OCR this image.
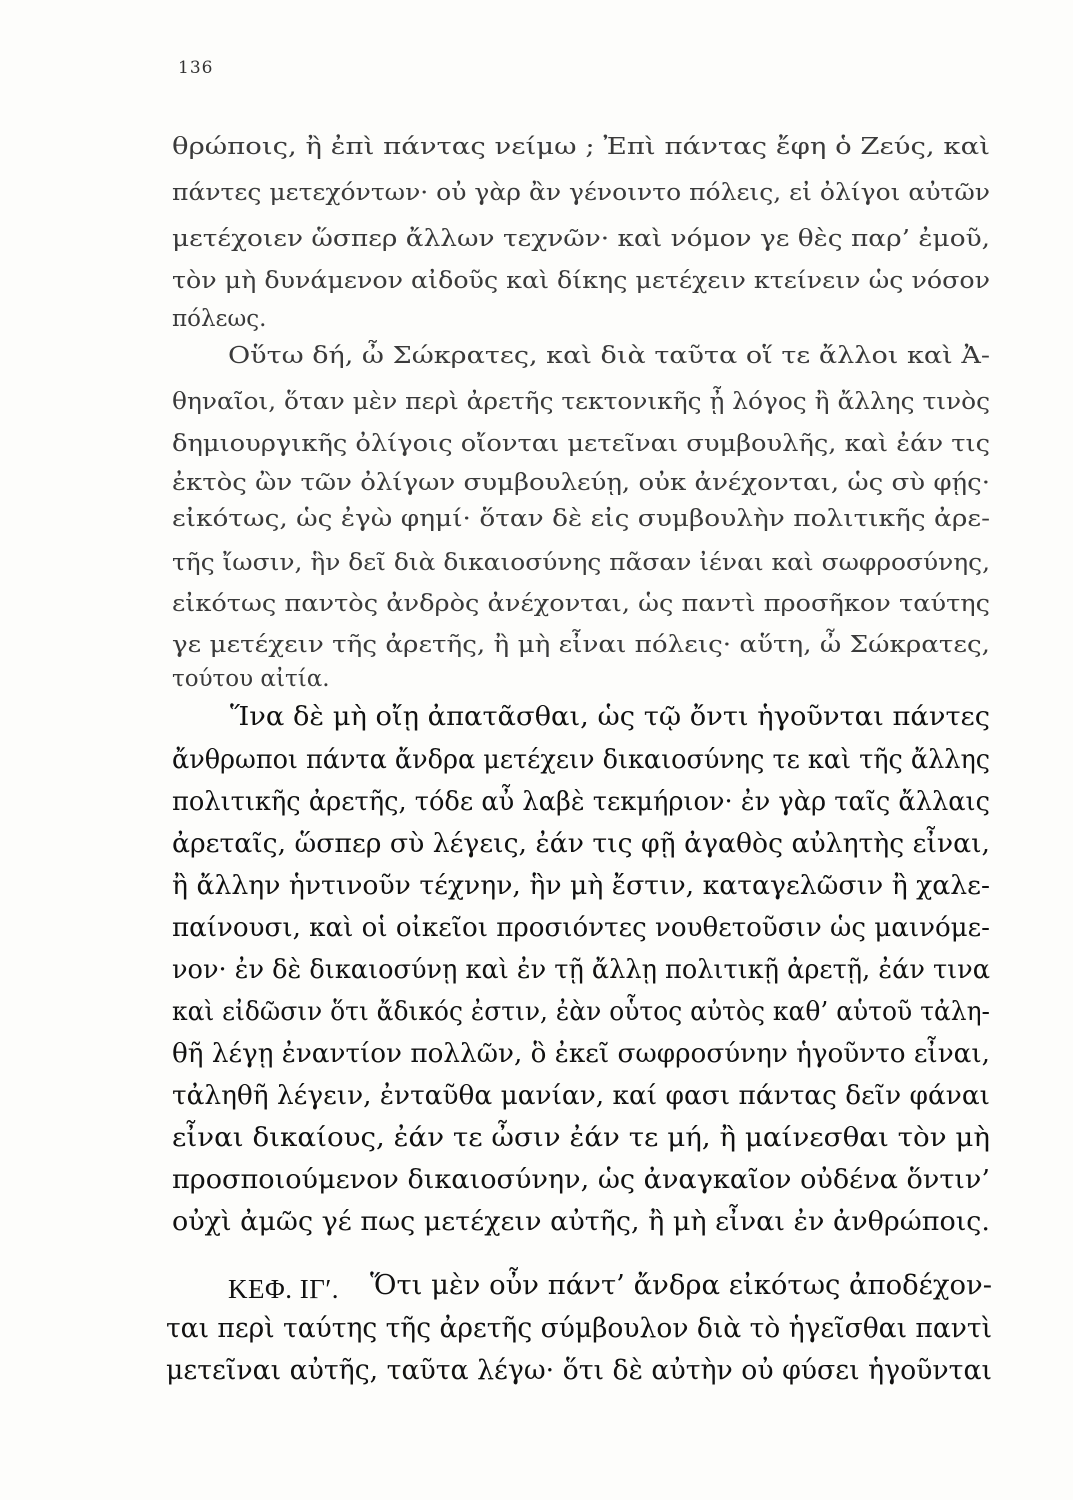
136
θρώποις, ἢ ἐπὶ πάντας νείμω ; Ἐπὶ πάντας ἔφη ὁ Ζεύς, καὶ
πάντες μετεχόντων· οὐ γὰρ ἂν γένοιντο πόλεις, εἰ ὀλίγοι αὐτῶν
μετέχοιεν ὥσπερ ἄλλων τεχνῶν· καὶ νόμον γε θὲς παρ’ ἐμοῦ,
τὸν μὴ δυνάμενον αἰδοῦς καὶ δίκης μετέχειν κτείνειν ὡς νόσον
πόλεως.
Οὕτω δή, ὦ Σώκρατες, καὶ διὰ ταῦτα οἵ τε ἄλλοι καὶ Ἀ-
θηναῖοι, ὅταν μὲν περὶ ἀρετῆς τεκτονικῆς ᾖ λόγος ἢ ἄλλης τινὸς
δημιουργικῆς ὀλίγοις οἴονται μετεῖναι συμβουλῆς, καὶ ἐάν τις
ἐκτὸς ὢν τῶν ὀλίγων συμβουλεύῃ, οὐκ ἀνέχονται, ὡς σὺ φῄς·
εἰκότως, ὡς ἐγὼ φημί· ὅταν δὲ εἰς συμβουλὴν πολιτικῆς ἀρε-
τῆς ἴωσιν, ἣν δεῖ διὰ δικαιοσύνης πᾶσαν ἰέναι καὶ σωφροσύνης,
εἰκότως παντὸς ἀνδρὸς ἀνέχονται, ὡς παντὶ προσῆκον ταύτης
γε μετέχειν τῆς ἀρετῆς, ἢ μὴ εἶναι πόλεις· αὕτη, ὦ Σώκρατες,
τούτου αἰτία.
Ἵνα δὲ μὴ οἴῃ ἀπατᾶσθαι, ὡς τῷ ὄντι ἡγοῦνται πάντες
ἄνθρωποι πάντα ἄνδρα μετέχειν δικαιοσύνης τε καὶ τῆς ἄλλης
πολιτικῆς ἀρετῆς, τόδε αὖ λαβὲ τεκμήριον· ἐν γὰρ ταῖς ἄλλαις
ἀρεταῖς, ὥσπερ σὺ λέγεις, ἐάν τις φῇ ἀγαθὸς αὐλητὴς εἶναι,
ἢ ἄλλην ἡντινοῦν τέχνην, ἣν μὴ ἔστιν, καταγελῶσιν ἢ χαλε-
παίνουσι, καὶ οἱ οἰκεῖοι προσιόντες νουθετοῦσιν ὡς μαινόμε-
νον· ἐν δὲ δικαιοσύνῃ καὶ ἐν τῇ ἄλλῃ πολιτικῇ ἀρετῇ, ἐάν τινα
καὶ εἰδῶσιν ὅτι ἄδικός ἐστιν, ἐὰν οὗτος αὐτὸς καθ’ αὑτοῦ τἀλη-
θῆ λέγῃ ἐναντίον πολλῶν, ὃ ἐκεῖ σωφροσύνην ἡγοῦντο εἶναι,
τἀληθῆ λέγειν, ἐνταῦθα μανίαν, καί φασι πάντας δεῖν φάναι
εἶναι δικαίους, ἐάν τε ὦσιν ἐάν τε μή, ἢ μαίνεσθαι τὸν μὴ
προσποιούμενον δικαιοσύνην, ὡς ἀναγκαῖον οὐδένα ὅντιν’
οὐχὶ ἀμῶς γέ πως μετέχειν αὐτῆς, ἢ μὴ εἶναι ἐν ἀνθρώποις.
ΚΕΦ. ΙΓ′. Ὅτι μὲν οὖν πάντ’ ἄνδρα εἰκότως ἀποδέχον-
ται περὶ ταύτης τῆς ἀρετῆς σύμβουλον διὰ τὸ ἡγεῖσθαι παντὶ
μετεῖναι αὐτῆς, ταῦτα λέγω· ὅτι δὲ αὐτὴν οὐ φύσει ἡγοῦνται
